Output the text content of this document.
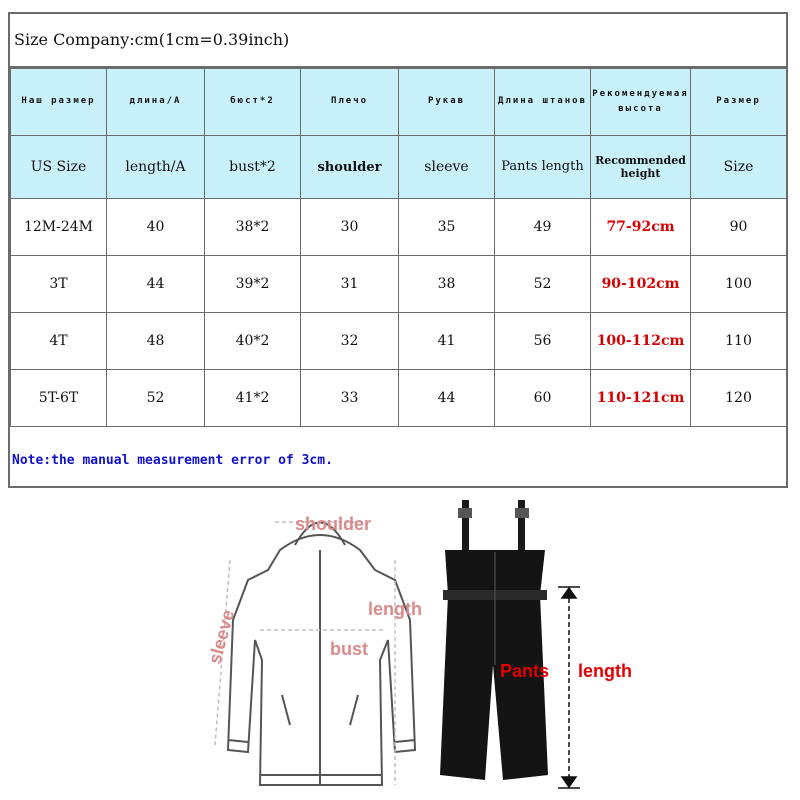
Size Company:cm(1cm=0.39inch)
Наш размер	длина/A	бюст*2	Плечо	Рукав	Длина штанов	Рекомендуемая высота	Размер
US Size	length/A	bust*2	shoulder	sleeve	Pants length	Recommended height	Size
12M-24M	40	38*2	30	35	49	77-92cm	90
3T	44	39*2	31	38	52	90-102cm	100
4T	48	40*2	32	41	56	100-112cm	110
5T-6T	52	41*2	33	44	60	110-121cm	120
Note:the manual measurement error of 3cm.
shoulder
sleeve	length
bust
Pants length
